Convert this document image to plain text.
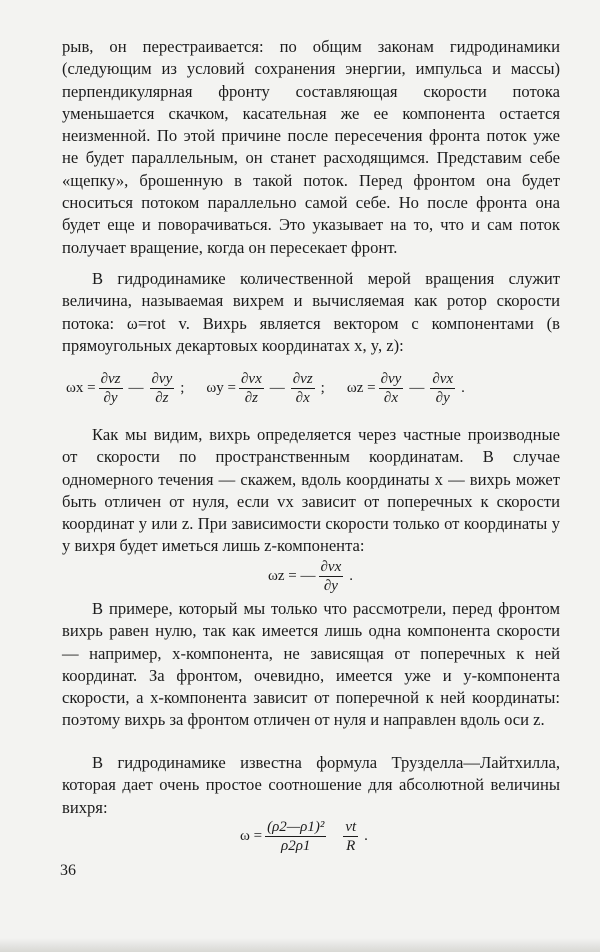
рыв, он перестраивается: по общим законам гидродинамики (следующим из условий сохранения энергии, импульса и массы) перпендикулярная фронту составляющая скорости потока уменьшается скачком, касательная же ее компонента остается неизменной. По этой причине после пересечения фронта поток уже не будет параллельным, он станет расходящимся. Представим себе «щепку», брошенную в такой поток. Перед фронтом она будет сноситься потоком параллельно самой себе. Но после фронта она будет еще и поворачиваться. Это указывает на то, что и сам поток получает вращение, когда он пересекает фронт.

В гидродинамике количественной мерой вращения служит величина, называемая вихрем и вычисляемая как ротор скорости потока: ω=rot v. Вихрь является вектором с компонентами (в прямоугольных декартовых координатах x, y, z):

$\omega x = \frac{\partial vz}{\partial y}$ — $\frac{\partial vy}{\partial z}$ ; $\omega y = \frac{\partial vx}{\partial z}$ — $\frac{\partial vz}{\partial x}$ ; $\omega z = \frac{\partial vy}{\partial x}$ — $\frac{\partial vx}{\partial y}$ .

Как мы видим, вихрь определяется через частные производные от скорости по пространственным координатам. В случае одномерного течения — скажем, вдоль координаты x — вихрь может быть отличен от нуля, если vx зависит от поперечных к скорости координат y или z. При зависимости скорости только от координаты y у вихря будет иметься лишь z-компонента:

ωz = — $\frac{\partial vx}{\partial y}$ .

В примере, который мы только что рассмотрели, перед фронтом вихрь равен нулю, так как имеется лишь одна компонента скорости — например, x-компонента, не зависящая от поперечных к ней координат. За фронтом, очевидно, имеется уже и y-компонента скорости, а x-компонента зависит от поперечной к ней координаты: поэтому вихрь за фронтом отличен от нуля и направлен вдоль оси z.

В гидродинамике известна формула Трузделла—Лайтхилла, которая дает очень простое соотношение для абсолютной величины вихря:

$\omega = \frac{\text{(ρ2—ρ1)²}}{\rho 2\rho 1} \frac{vt}{R}$ .
36
